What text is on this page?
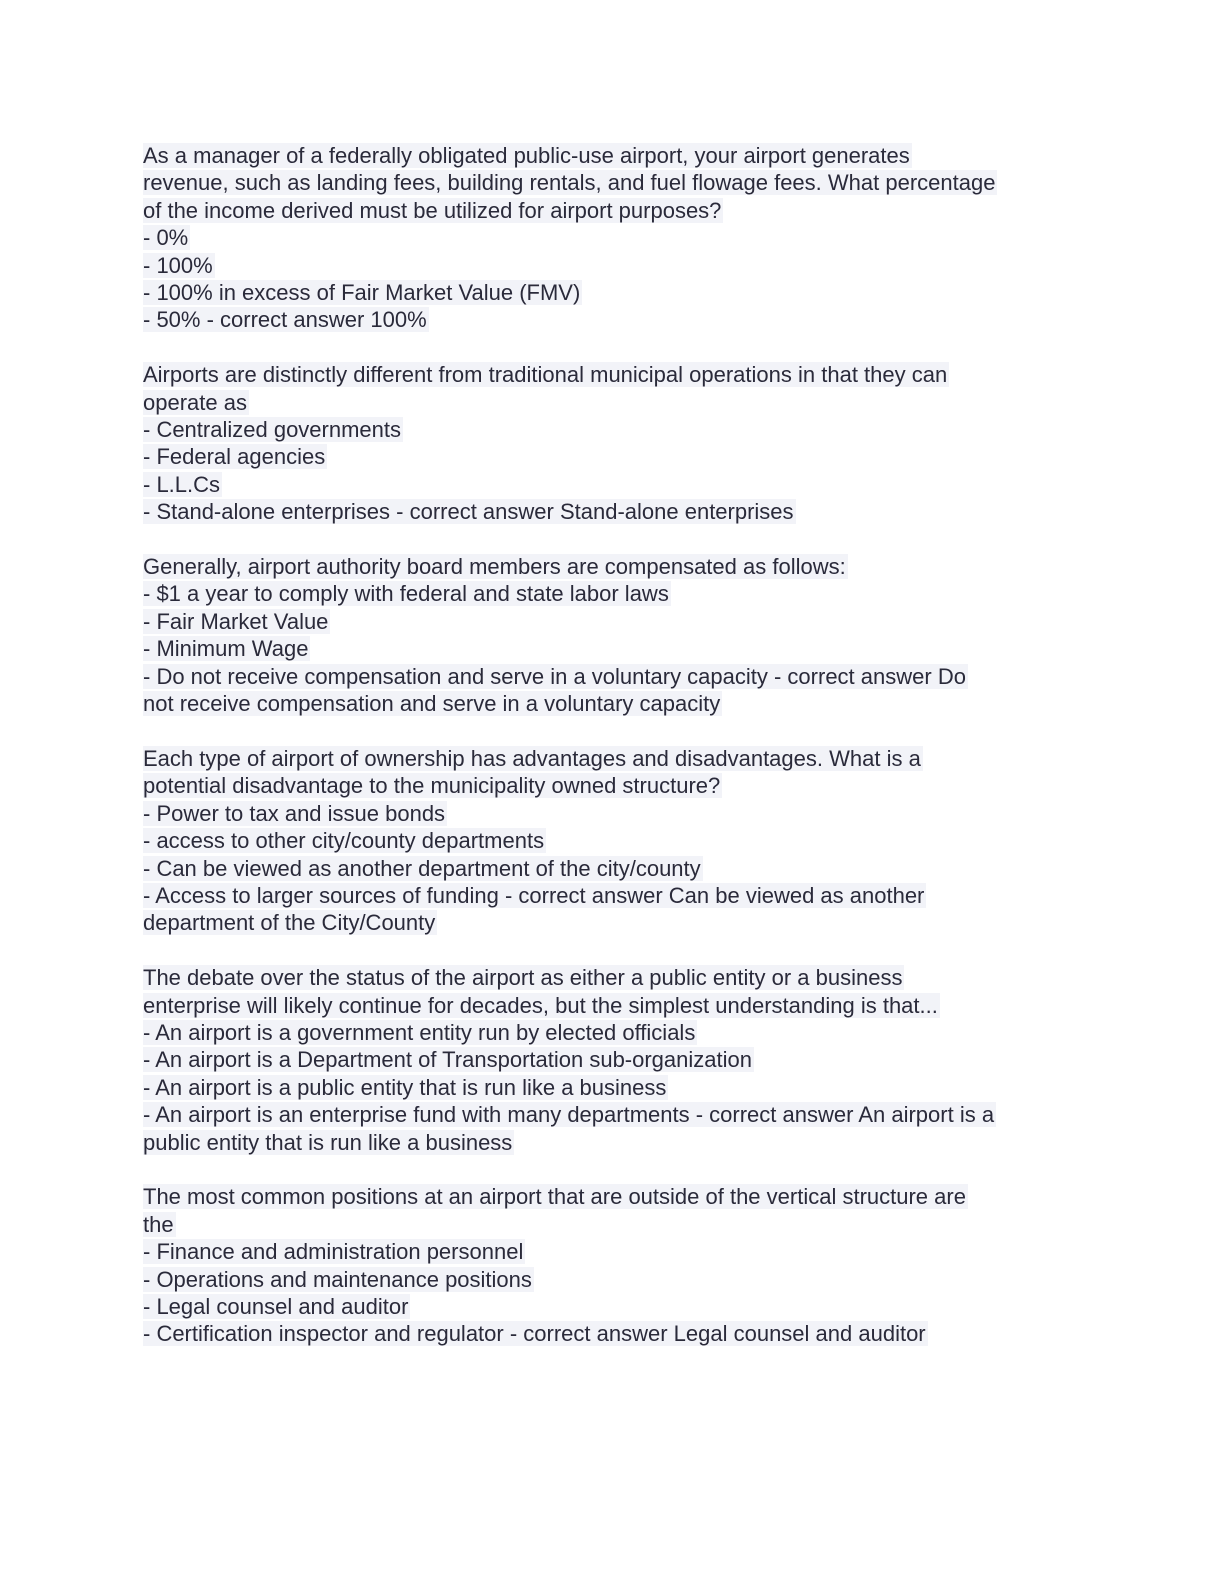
As a manager of a federally obligated public-use airport, your airport generates
revenue, such as landing fees, building rentals, and fuel flowage fees. What percentage
of the income derived must be utilized for airport purposes?
- 0%
- 100%
- 100% in excess of Fair Market Value (FMV)
- 50% - correct answer 100%
Airports are distinctly different from traditional municipal operations in that they can
operate as
- Centralized governments
- Federal agencies
- L.L.Cs
- Stand-alone enterprises - correct answer Stand-alone enterprises
Generally, airport authority board members are compensated as follows:
- $1 a year to comply with federal and state labor laws
- Fair Market Value
- Minimum Wage
- Do not receive compensation and serve in a voluntary capacity - correct answer Do
not receive compensation and serve in a voluntary capacity
Each type of airport of ownership has advantages and disadvantages. What is a
potential disadvantage to the municipality owned structure?
- Power to tax and issue bonds
- access to other city/county departments
- Can be viewed as another department of the city/county
- Access to larger sources of funding - correct answer Can be viewed as another
department of the City/County
The debate over the status of the airport as either a public entity or a business
enterprise will likely continue for decades, but the simplest understanding is that...
- An airport is a government entity run by elected officials
- An airport is a Department of Transportation sub-organization
- An airport is a public entity that is run like a business
- An airport is an enterprise fund with many departments - correct answer An airport is a
public entity that is run like a business
The most common positions at an airport that are outside of the vertical structure are
the
- Finance and administration personnel
- Operations and maintenance positions
- Legal counsel and auditor
- Certification inspector and regulator - correct answer Legal counsel and auditor
